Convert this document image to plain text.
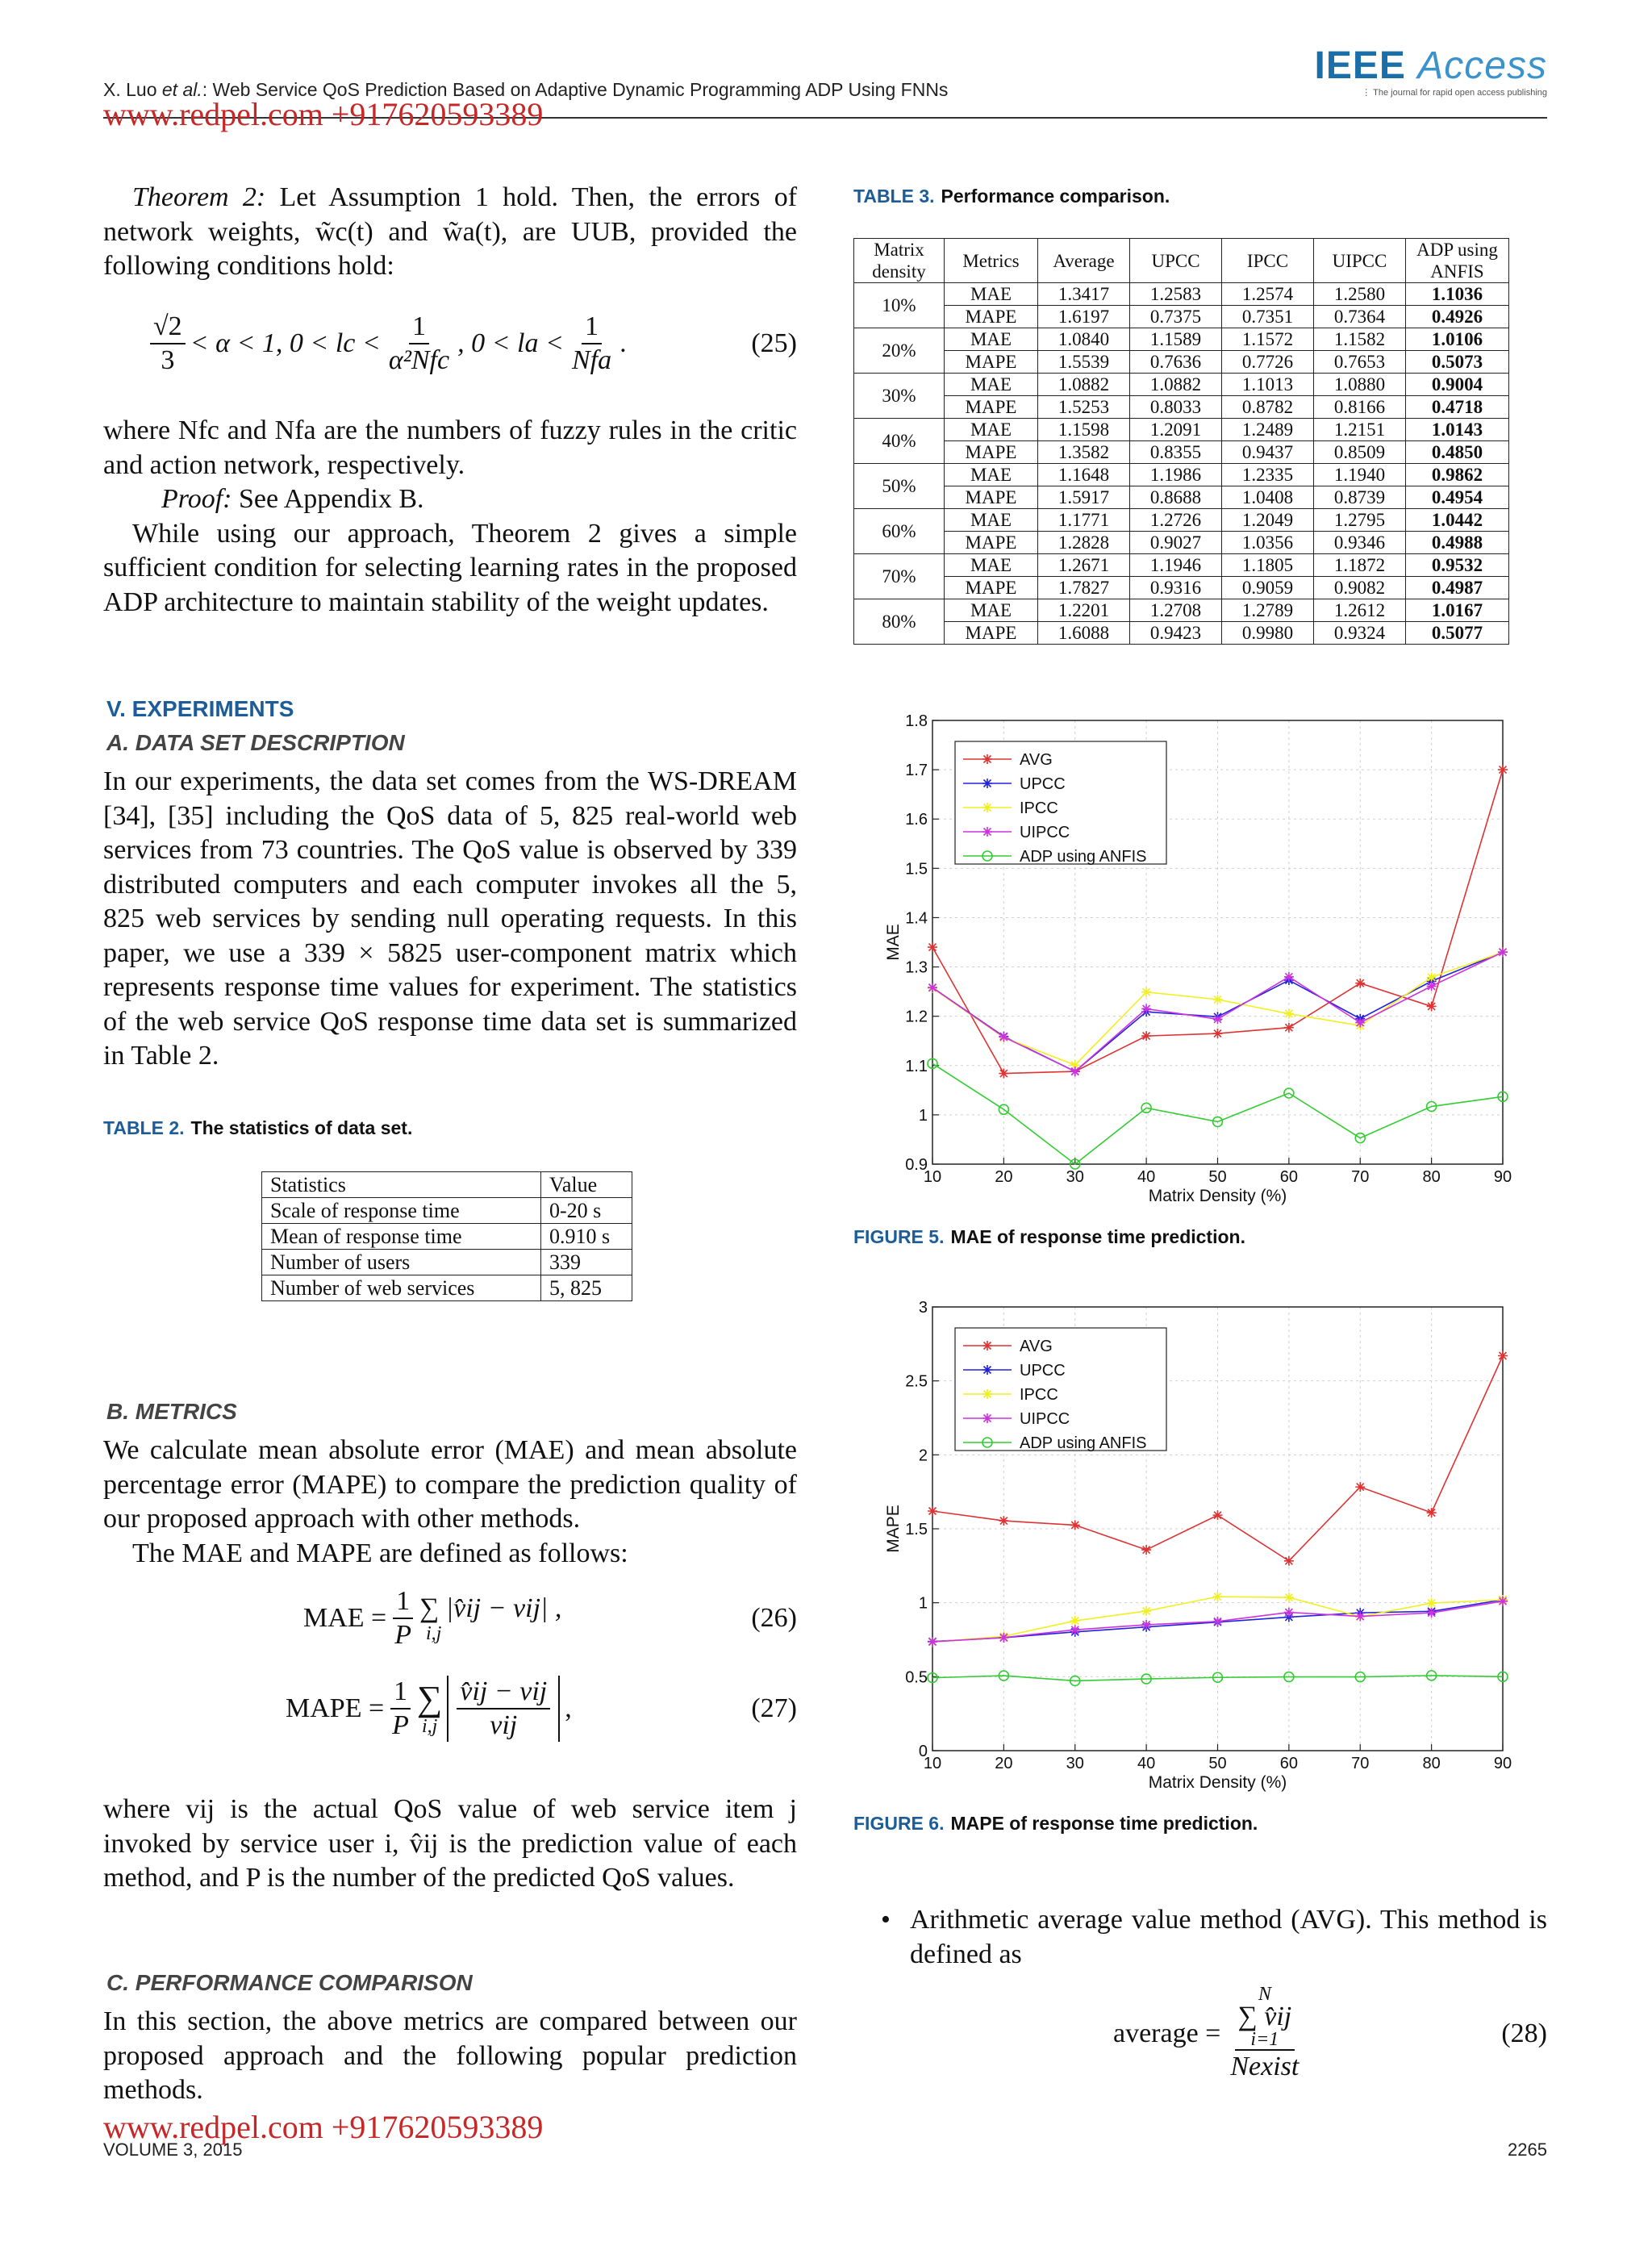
X. Luo et al.: Web Service QoS Prediction Based on Adaptive Dynamic Programming ADP Using FNNs
IEEE Access
⋮ The journal for rapid open access publishing
www.redpel.com +917620593389

Theorem 2: Let Assumption 1 hold. Then, the errors of network weights, w̃c(t) and w̃a(t), are UUB, provided the following conditions hold:

$\frac{√2}{3} < \alpha < 1$, 0 < lc < $\frac{1}{\text{α²Nfc}}$ , 0 < la < $\frac{1}{\text{Nfa}}$ .	(25)

where Nfc and Nfa are the numbers of fuzzy rules in the critic and action network, respectively.

Proof: See Appendix B.

While using our approach, Theorem 2 gives a simple sufficient condition for selecting learning rates in the proposed ADP architecture to maintain stability of the weight updates.

V. EXPERIMENTS
A. DATA SET DESCRIPTION
In our experiments, the data set comes from the WS-DREAM [34], [35] including the QoS data of 5, 825 real-world web services from 73 countries. The QoS value is observed by 339 distributed computers and each computer invokes all the 5, 825 web services by sending null operating requests. In this paper, we use a 339 × 5825 user-component matrix which represents response time values for experiment. The statistics of the web service QoS response time data set is summarized in Table 2.
TABLE 2. The statistics of data set.
Statistics	Value
Scale of response time	0-20 s
Mean of response time	0.910 s
Number of users	339
Number of web services	5, 825
B. METRICS

We calculate mean absolute error (MAE) and mean absolute percentage error (MAPE) to compare the prediction quality of our proposed approach with other methods.

The MAE and MAPE are defined as follows:

MAE = $\frac{1}{P}$ ∑ |v̂ij − vij| ,
i,j
(26)
MAPE = $\frac{1}{P}$ ∑
$i,j \frac{\text{v̂ij − vij}}{\text{vij}}$ ,	(27)
where vij is the actual QoS value of web service item j invoked by service user i, v̂ij is the prediction value of each method, and P is the number of the predicted QoS values.
C. PERFORMANCE COMPARISON
In this section, the above metrics are compared between our proposed approach and the following popular prediction methods.
www.redpel.com +917620593389
VOLUME 3, 2015	2265
TABLE 3. Performance comparison.
Matrix density	Metrics	Average	UPCC	IPCC	UIPCC	ADP using ANFIS
10%	MAE	1.3417	1.2583	1.2574	1.2580	1.1036
	MAPE	1.6197	0.7375	0.7351	0.7364	0.4926
20%	MAE	1.0840	1.1589	1.1572	1.1582	1.0106
	MAPE	1.5539	0.7636	0.7726	0.7653	0.5073
30%	MAE	1.0882	1.0882	1.1013	1.0880	0.9004
	MAPE	1.5253	0.8033	0.8782	0.8166	0.4718
40%	MAE	1.1598	1.2091	1.2489	1.2151	1.0143
	MAPE	1.3582	0.8355	0.9437	0.8509	0.4850
50%	MAE	1.1648	1.1986	1.2335	1.1940	0.9862
	MAPE	1.5917	0.8688	1.0408	0.8739	0.4954
60%	MAE	1.1771	1.2726	1.2049	1.2795	1.0442
	MAPE	1.2828	0.9027	1.0356	0.9346	0.4988
70%	MAE	1.2671	1.1946	1.1805	1.1872	0.9532
	MAPE	1.7827	0.9316	0.9059	0.9082	0.4987
80%	MAE	1.2201	1.2708	1.2789	1.2612	1.0167
	MAPE	1.6088	0.9423	0.9980	0.9324	0.5077
10	20	30	40	50	60	70	80	90
0.9
1
1.1
1.2
1.3
1.4
1.5
1.6
1.7
1.8
Matrix Density (%)
MAE
AVG
UPCC
IPCC
UIPCC
ADP using ANFIS
FIGURE 5. MAE of response time prediction.
10	20	30	40	50	60	70	80	90
0
0.5
1
1.5
2
2.5
3
Matrix Density (%)
MAPE
AVG
UPCC
IPCC
UIPCC
ADP using ANFIS
FIGURE 6. MAPE of response time prediction.
• Arithmetic average value method (AVG). This method is defined as
average = N
∑ v̂ij
i=1
Nexist	(28)
